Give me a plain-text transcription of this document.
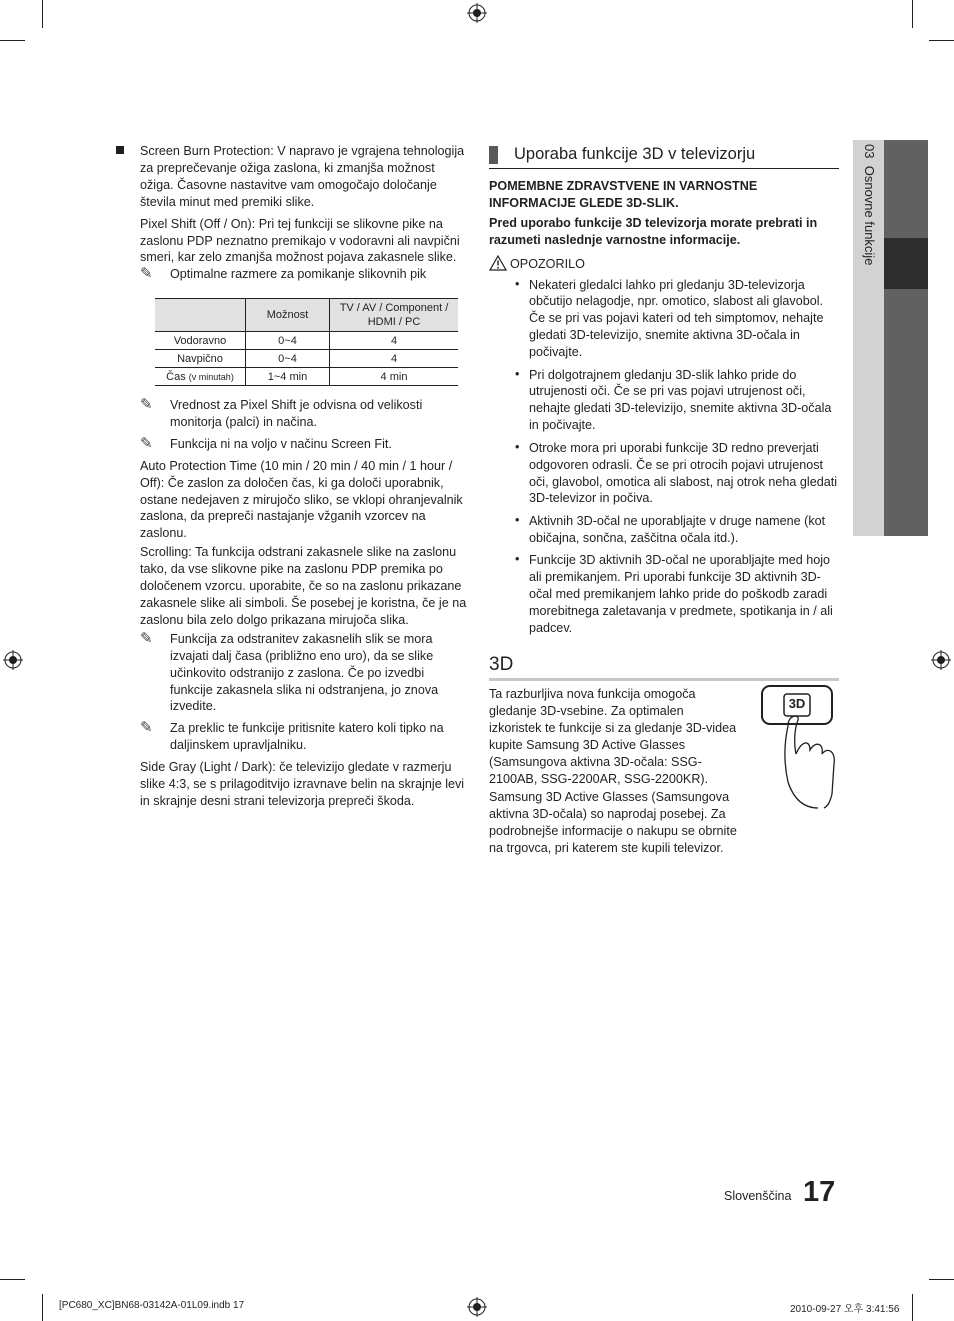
03  Osnovne funkcije

Screen Burn Protection: V napravo je vgrajena tehnologija za preprečevanje ožiga zaslona, ki zmanjša možnost ožiga. Časovne nastavitve vam omogočajo določanje števila minut med premiki slike.

Pixel Shift (Off / On): Pri tej funkciji se slikovne pike na zaslonu PDP neznatno premikajo v vodoravni ali navpični smeri, kar zelo zmanjša možnost pojava zakasnele slike.

✎ Optimalne razmere za pomikanje slikovnih pik
	Možnost	TV / AV / Component / HDMI / PC
Vodoravno	0~4	4
Navpično	0~4	4
Čas (v minutah)	1~4 min	4 min
✎ Vrednost za Pixel Shift je odvisna od velikosti monitorja (palci) in načina.
✎ Funkcija ni na voljo v načinu Screen Fit.

Auto Protection Time (10 min / 20 min / 40 min / 1 hour / Off): Če zaslon za določen čas, ki ga določi uporabnik, ostane nedejaven z mirujočo sliko, se vklopi ohranjevalnik zaslona, da prepreči nastajanje vžganih vzorcev na zaslonu.

Scrolling: Ta funkcija odstrani zakasnele slike na zaslonu tako, da vse slikovne pike na zaslonu PDP premika po določenem vzorcu. uporabite, če so na zaslonu prikazane zakasnele slike ali simboli. Še posebej je koristna, če je na zaslonu bila zelo dolgo prikazana mirujoča slika.

✎ Funkcija za odstranitev zakasnelih slik se mora izvajati dalj časa (približno eno uro), da se slike učinkovito odstranijo z zaslona. Če po izvedbi funkcije zakasnela slika ni odstranjena, jo znova izvedite.
✎ Za preklic te funkcije pritisnite katero koli tipko na daljinskem upravljalniku.

Side Gray (Light / Dark): če televizijo gledate v razmerju slike 4:3, se s prilagoditvijo izravnave belin na skrajnje levi in skrajnje desni strani televizorja prepreči škoda.

Uporaba funkcije 3D v televizorju

POMEMBNE ZDRAVSTVENE IN VARNOSTNE INFORMACIJE GLEDE 3D-SLIK.

Pred uporabo funkcije 3D televizorja morate prebrati in razumeti naslednje varnostne informacije.

OPOZORILO

• Nekateri gledalci lahko pri gledanju 3D-televizorja občutijo nelagodje, npr. omotico, slabost ali glavobol. Če se pri vas pojavi kateri od teh simptomov, nehajte gledati 3D-televizijo, snemite aktivna 3D-očala in počivajte.
• Pri dolgotrajnem gledanju 3D-slik lahko pride do utrujenosti oči. Če se pri vas pojavi utrujenost oči, nehajte gledati 3D-televizijo, snemite aktivna 3D-očala in počivajte.
• Otroke mora pri uporabi funkcije 3D redno preverjati odgovoren odrasli. Če se pri otrocih pojavi utrujenost oči, glavobol, omotica ali slabost, naj otrok neha gledati 3D-televizor in počiva.
• Aktivnih 3D-očal ne uporabljajte v druge namene (kot običajna, sončna, zaščitna očala itd.).
• Funkcije 3D aktivnih 3D-očal ne uporabljajte med hojo ali premikanjem. Pri uporabi funkcije 3D aktivnih 3D-očal med premikanjem lahko pride do poškodb zaradi morebitnega zaletavanja v predmete, spotikanja in / ali padcev.
3D
Ta razburljiva nova funkcija omogoča gledanje 3D-vsebine. Za optimalen izkoristek te funkcije si za gledanje 3D-videa kupite Samsung 3D Active Glasses (Samsungova aktivna 3D-očala: SSG-2100AB, SSG-2200AR, SSG-2200KR).
Samsung 3D Active Glasses (Samsungova aktivna 3D-očala) so naprodaj posebej. Za podrobnejše informacije o nakupu se obrnite na trgovca, pri katerem ste kupili televizor.
3D
Slovenščina 17
[PC680_XC]BN68-03142A-01L09.indb 17	2010-09-27 오후 3:41:56
